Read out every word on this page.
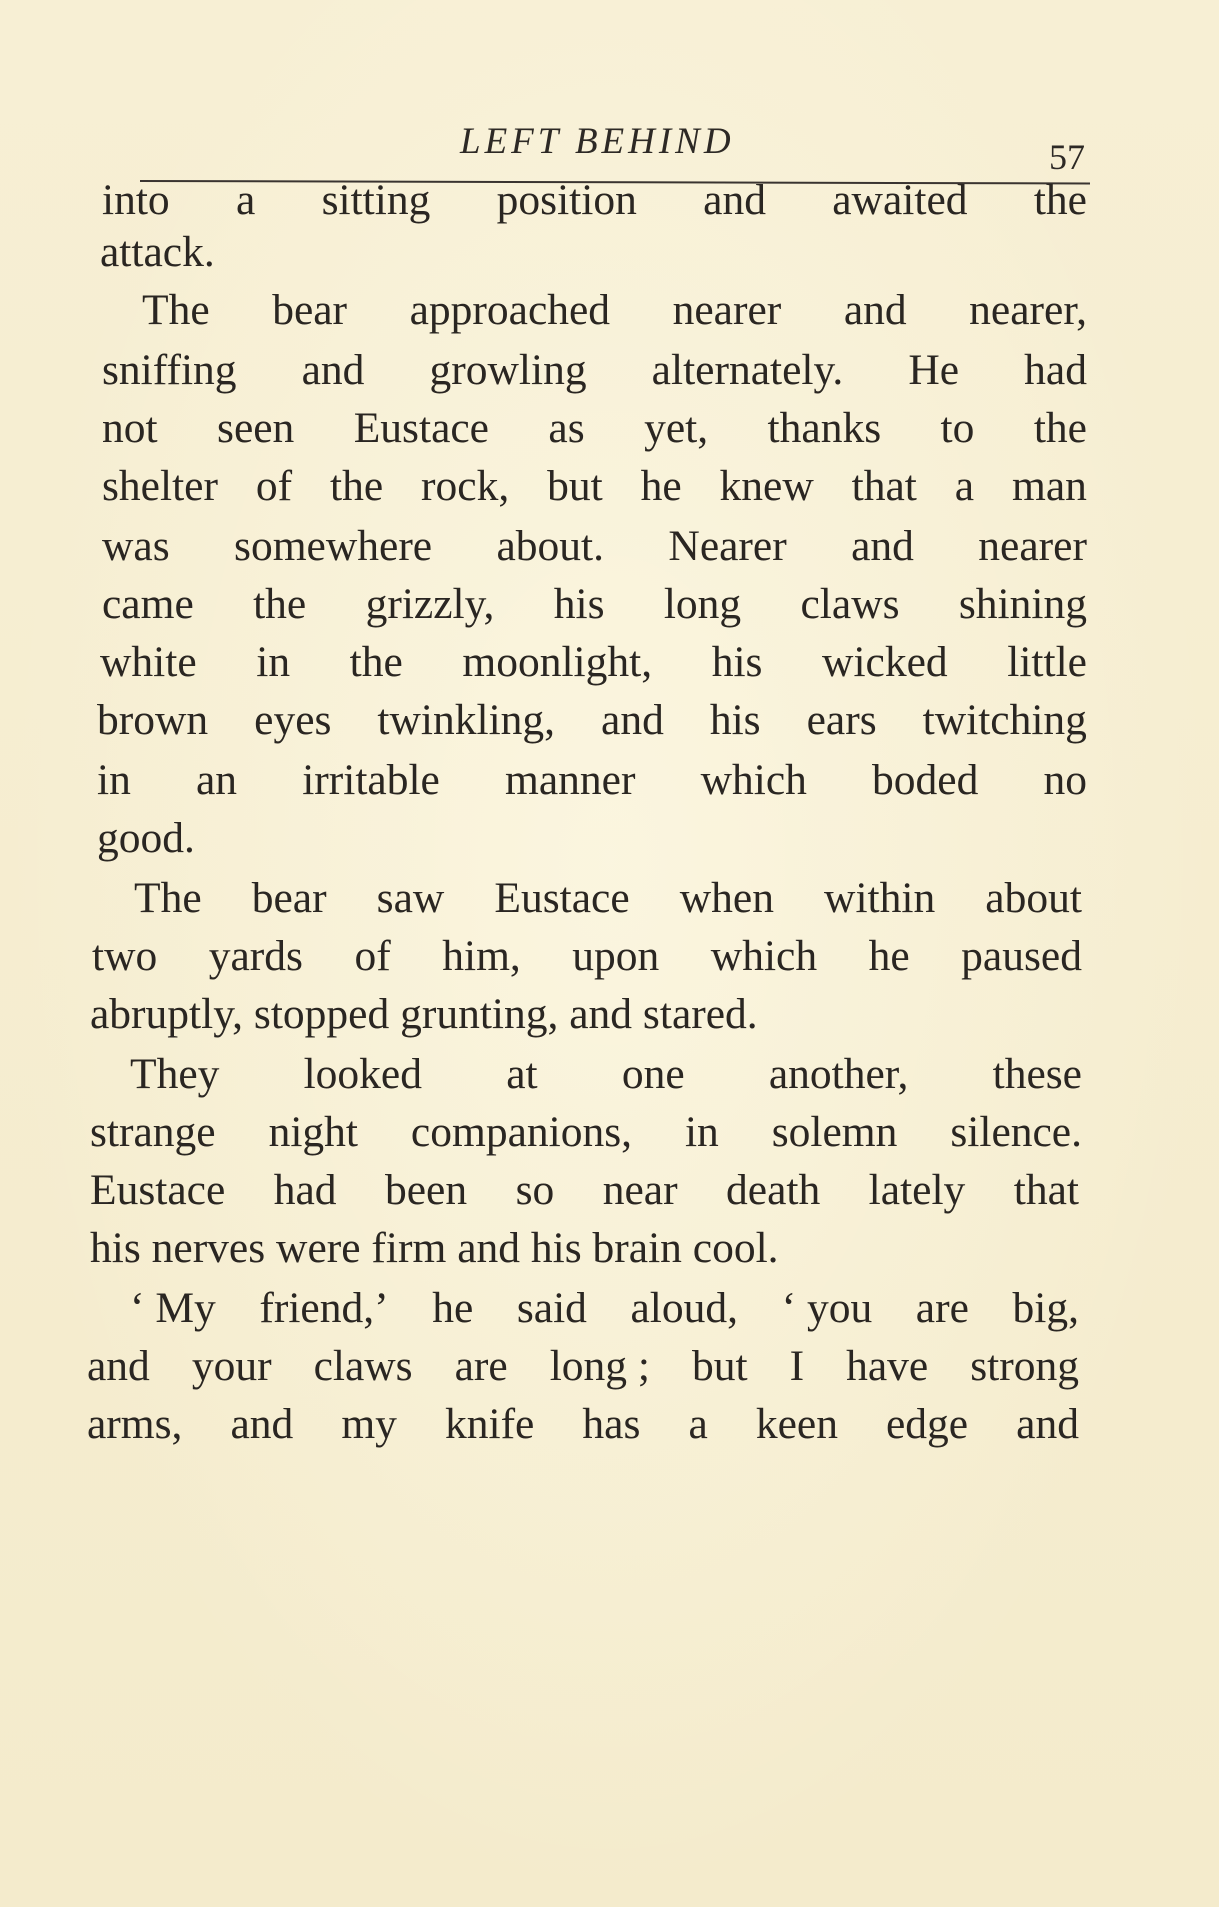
LEFT BEHIND	57
into a sitting position and awaited the
attack.
The bear approached nearer and nearer,
sniffing and growling alternately. He had
not seen Eustace as yet, thanks to the
shelter of the rock, but he knew that a man
was somewhere about. Nearer and nearer
came the grizzly, his long claws shining
white in the moonlight, his wicked little
brown eyes twinkling, and his ears twitching
in an irritable manner which boded no
good.
The bear saw Eustace when within about
two yards of him, upon which he paused
abruptly, stopped grunting, and stared.
They looked at one another, these
strange night companions, in solemn silence.
Eustace had been so near death lately that
his nerves were firm and his brain cool.
‘ My friend,’ he said aloud, ‘ you are big,
and your claws are long ; but I have strong
arms, and my knife has a keen edge and
